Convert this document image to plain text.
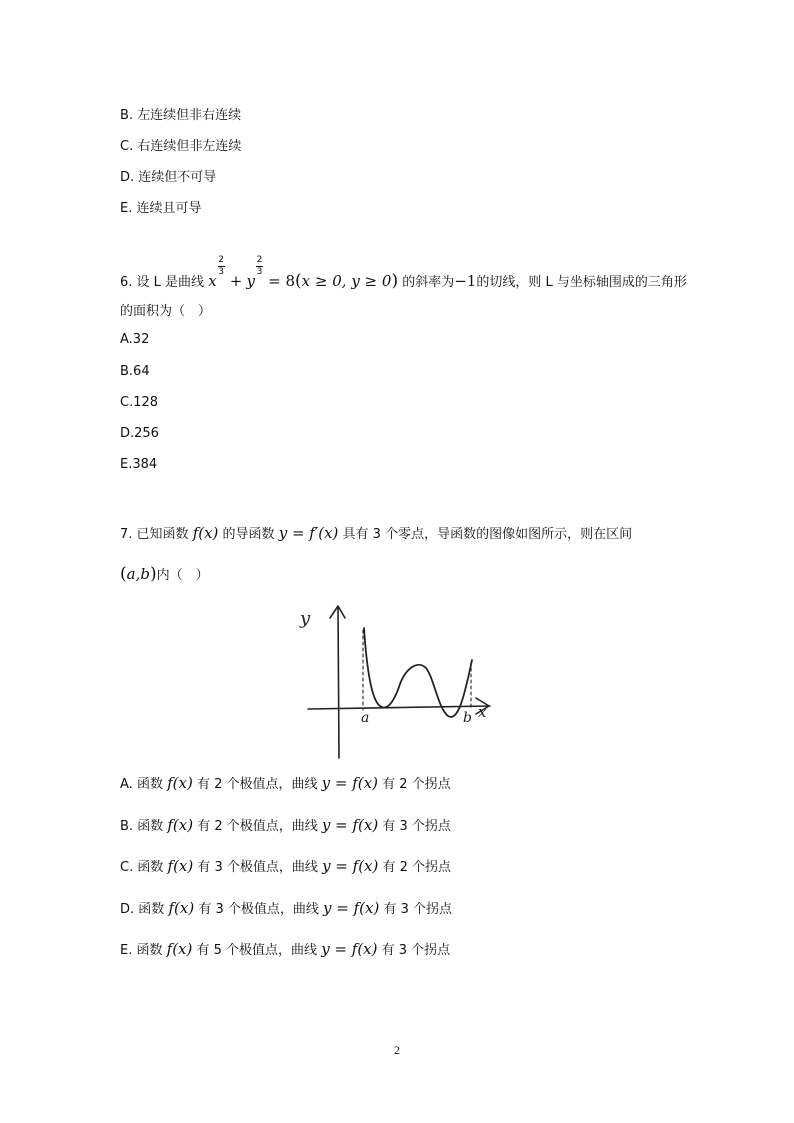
B. 左连续但非右连续
C. 右连续但非左连续
D. 连续但不可导
E. 连续且可导
6. 设 L 是曲线 x
$\frac{2}{3}$
+ y
$\frac{2}{3}$
= 8(x ≥ 0, y ≥ 0) 的斜率为−1的切线，则 L 与坐标轴围成的三角形
的面积为（　）
A.32
B.64
C.128
D.256
E.384
7. 已知函数 f(x) 的导函数 y = f′(x) 具有 3 个零点，导函数的图像如图所示，则在区间
(a,b)内（　）
y
x
a	b
A. 函数 f(x) 有 2 个极值点，曲线 y = f(x) 有 2 个拐点
B. 函数 f(x) 有 2 个极值点，曲线 y = f(x) 有 3 个拐点
C. 函数 f(x) 有 3 个极值点，曲线 y = f(x) 有 2 个拐点
D. 函数 f(x) 有 3 个极值点，曲线 y = f(x) 有 3 个拐点
E. 函数 f(x) 有 5 个极值点，曲线 y = f(x) 有 3 个拐点
2
